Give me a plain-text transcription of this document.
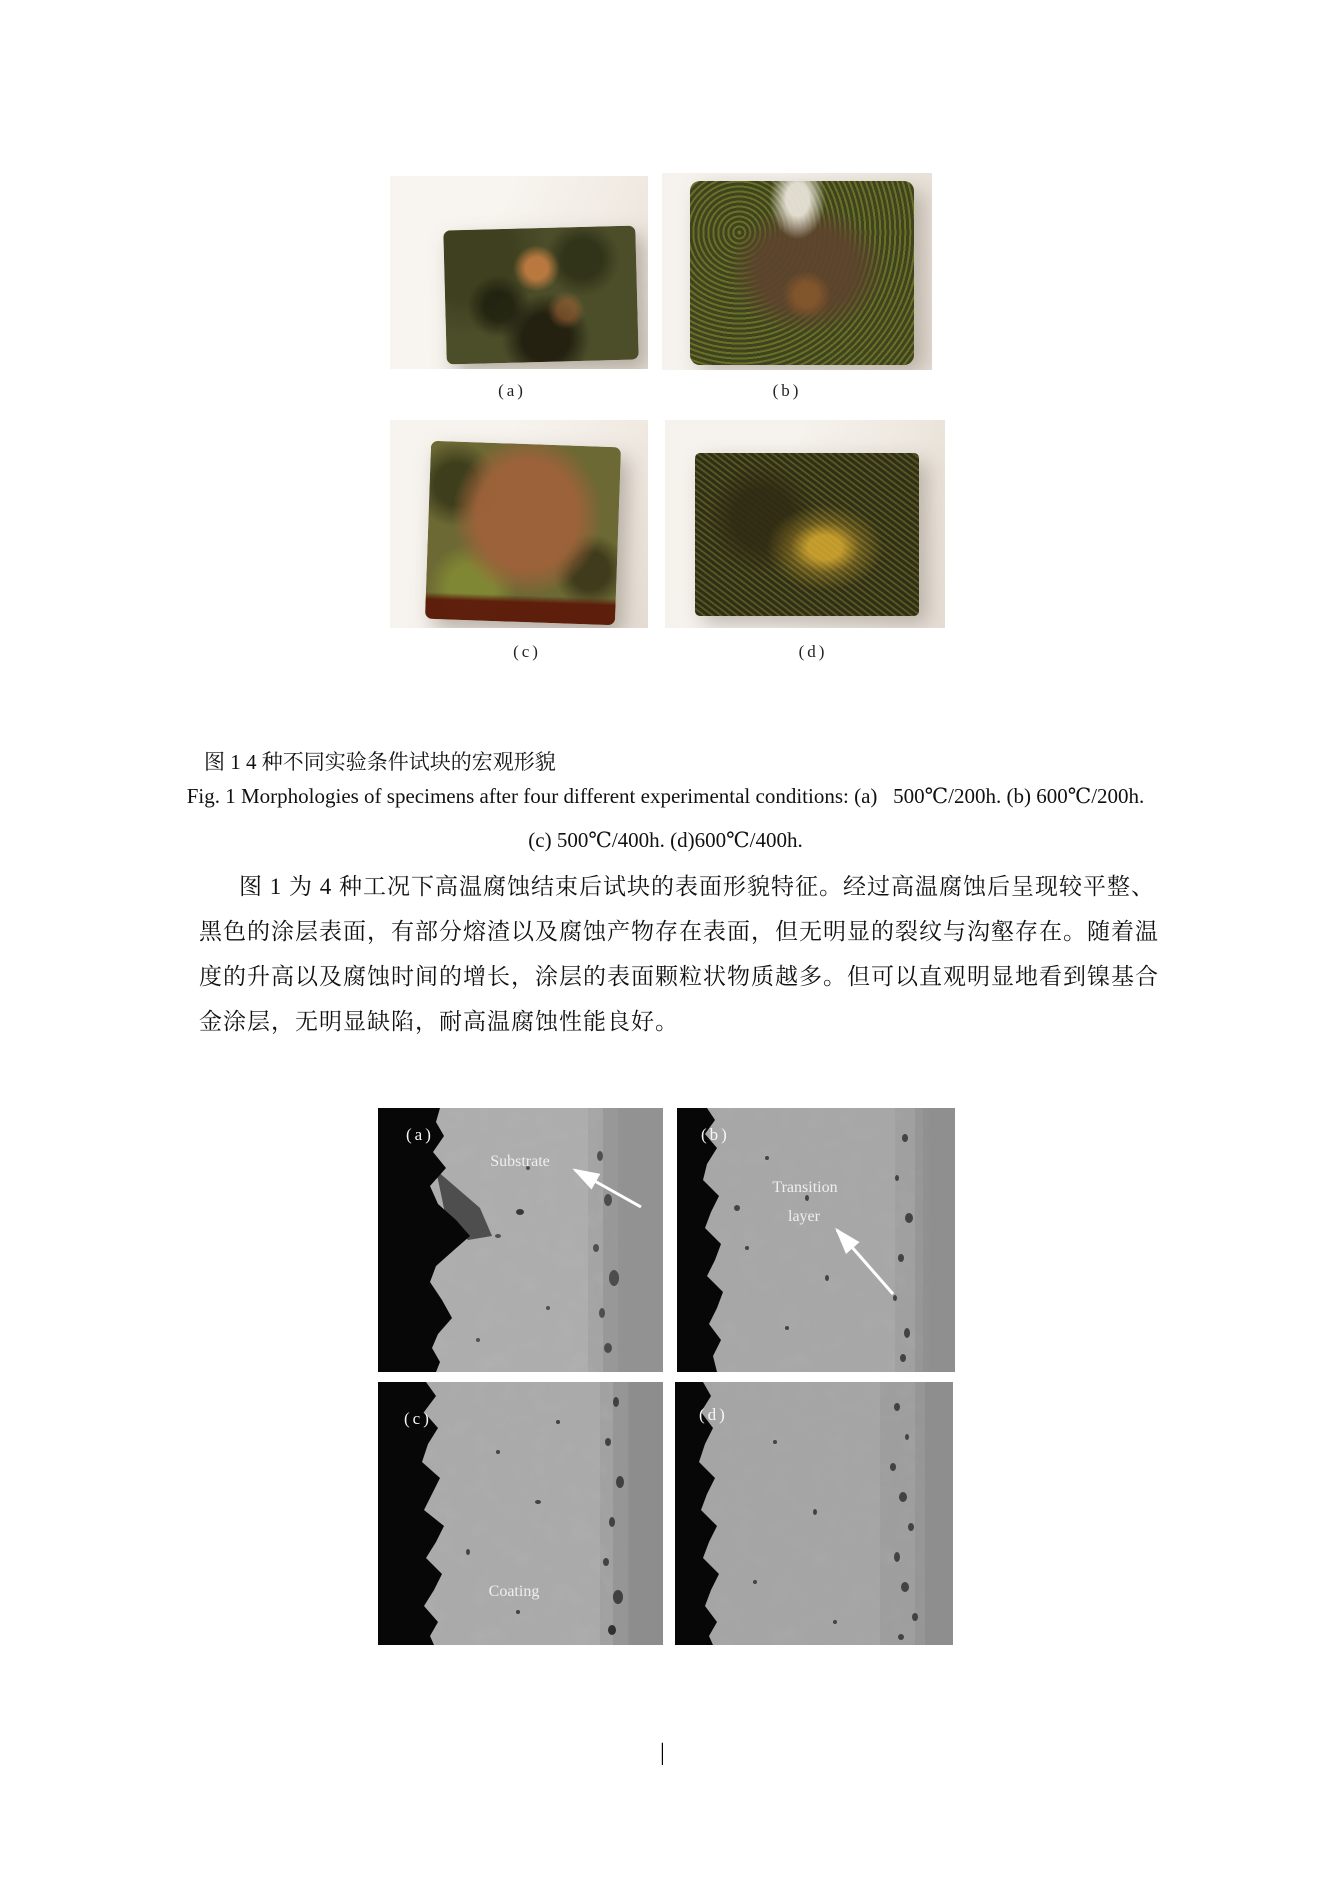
(a)	(b)
(c)	(d)
图 1 4 种不同实验条件试块的宏观形貌
Fig. 1 Morphologies of specimens after four different experimental conditions: (a)   500℃/200h. (b) 600℃/200h.
(c) 500℃/400h. (d)600℃/400h.
图 1 为 4 种工况下高温腐蚀结束后试块的表面形貌特征。经过高温腐蚀后呈现较平整、
黑色的涂层表面，有部分熔渣以及腐蚀产物存在表面，但无明显的裂纹与沟壑存在。随着温
度的升高以及腐蚀时间的增长，涂层的表面颗粒状物质越多。但可以直观明显地看到镍基合
金涂层，无明显缺陷，耐高温腐蚀性能良好。
(a)
Substrate
(b)
Transition
layer
(c)
Coating
(d)
|
